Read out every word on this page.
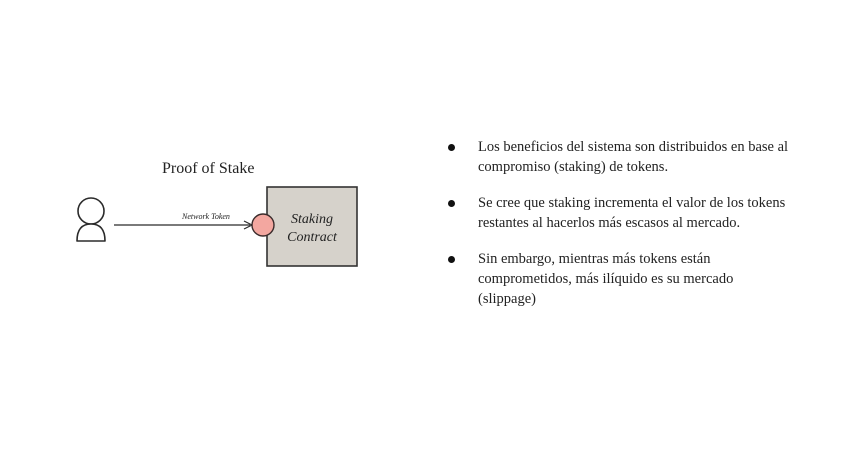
Proof of Stake
Network Token	Staking
Contract
Los beneficios del sistema son distribuidos en base al compromiso (staking) de tokens.
Se cree que staking incrementa el valor de los tokens restantes al hacerlos más escasos al mercado.
Sin embargo, mientras más tokens están comprometidos, más ilíquido es su mercado (slippage)
